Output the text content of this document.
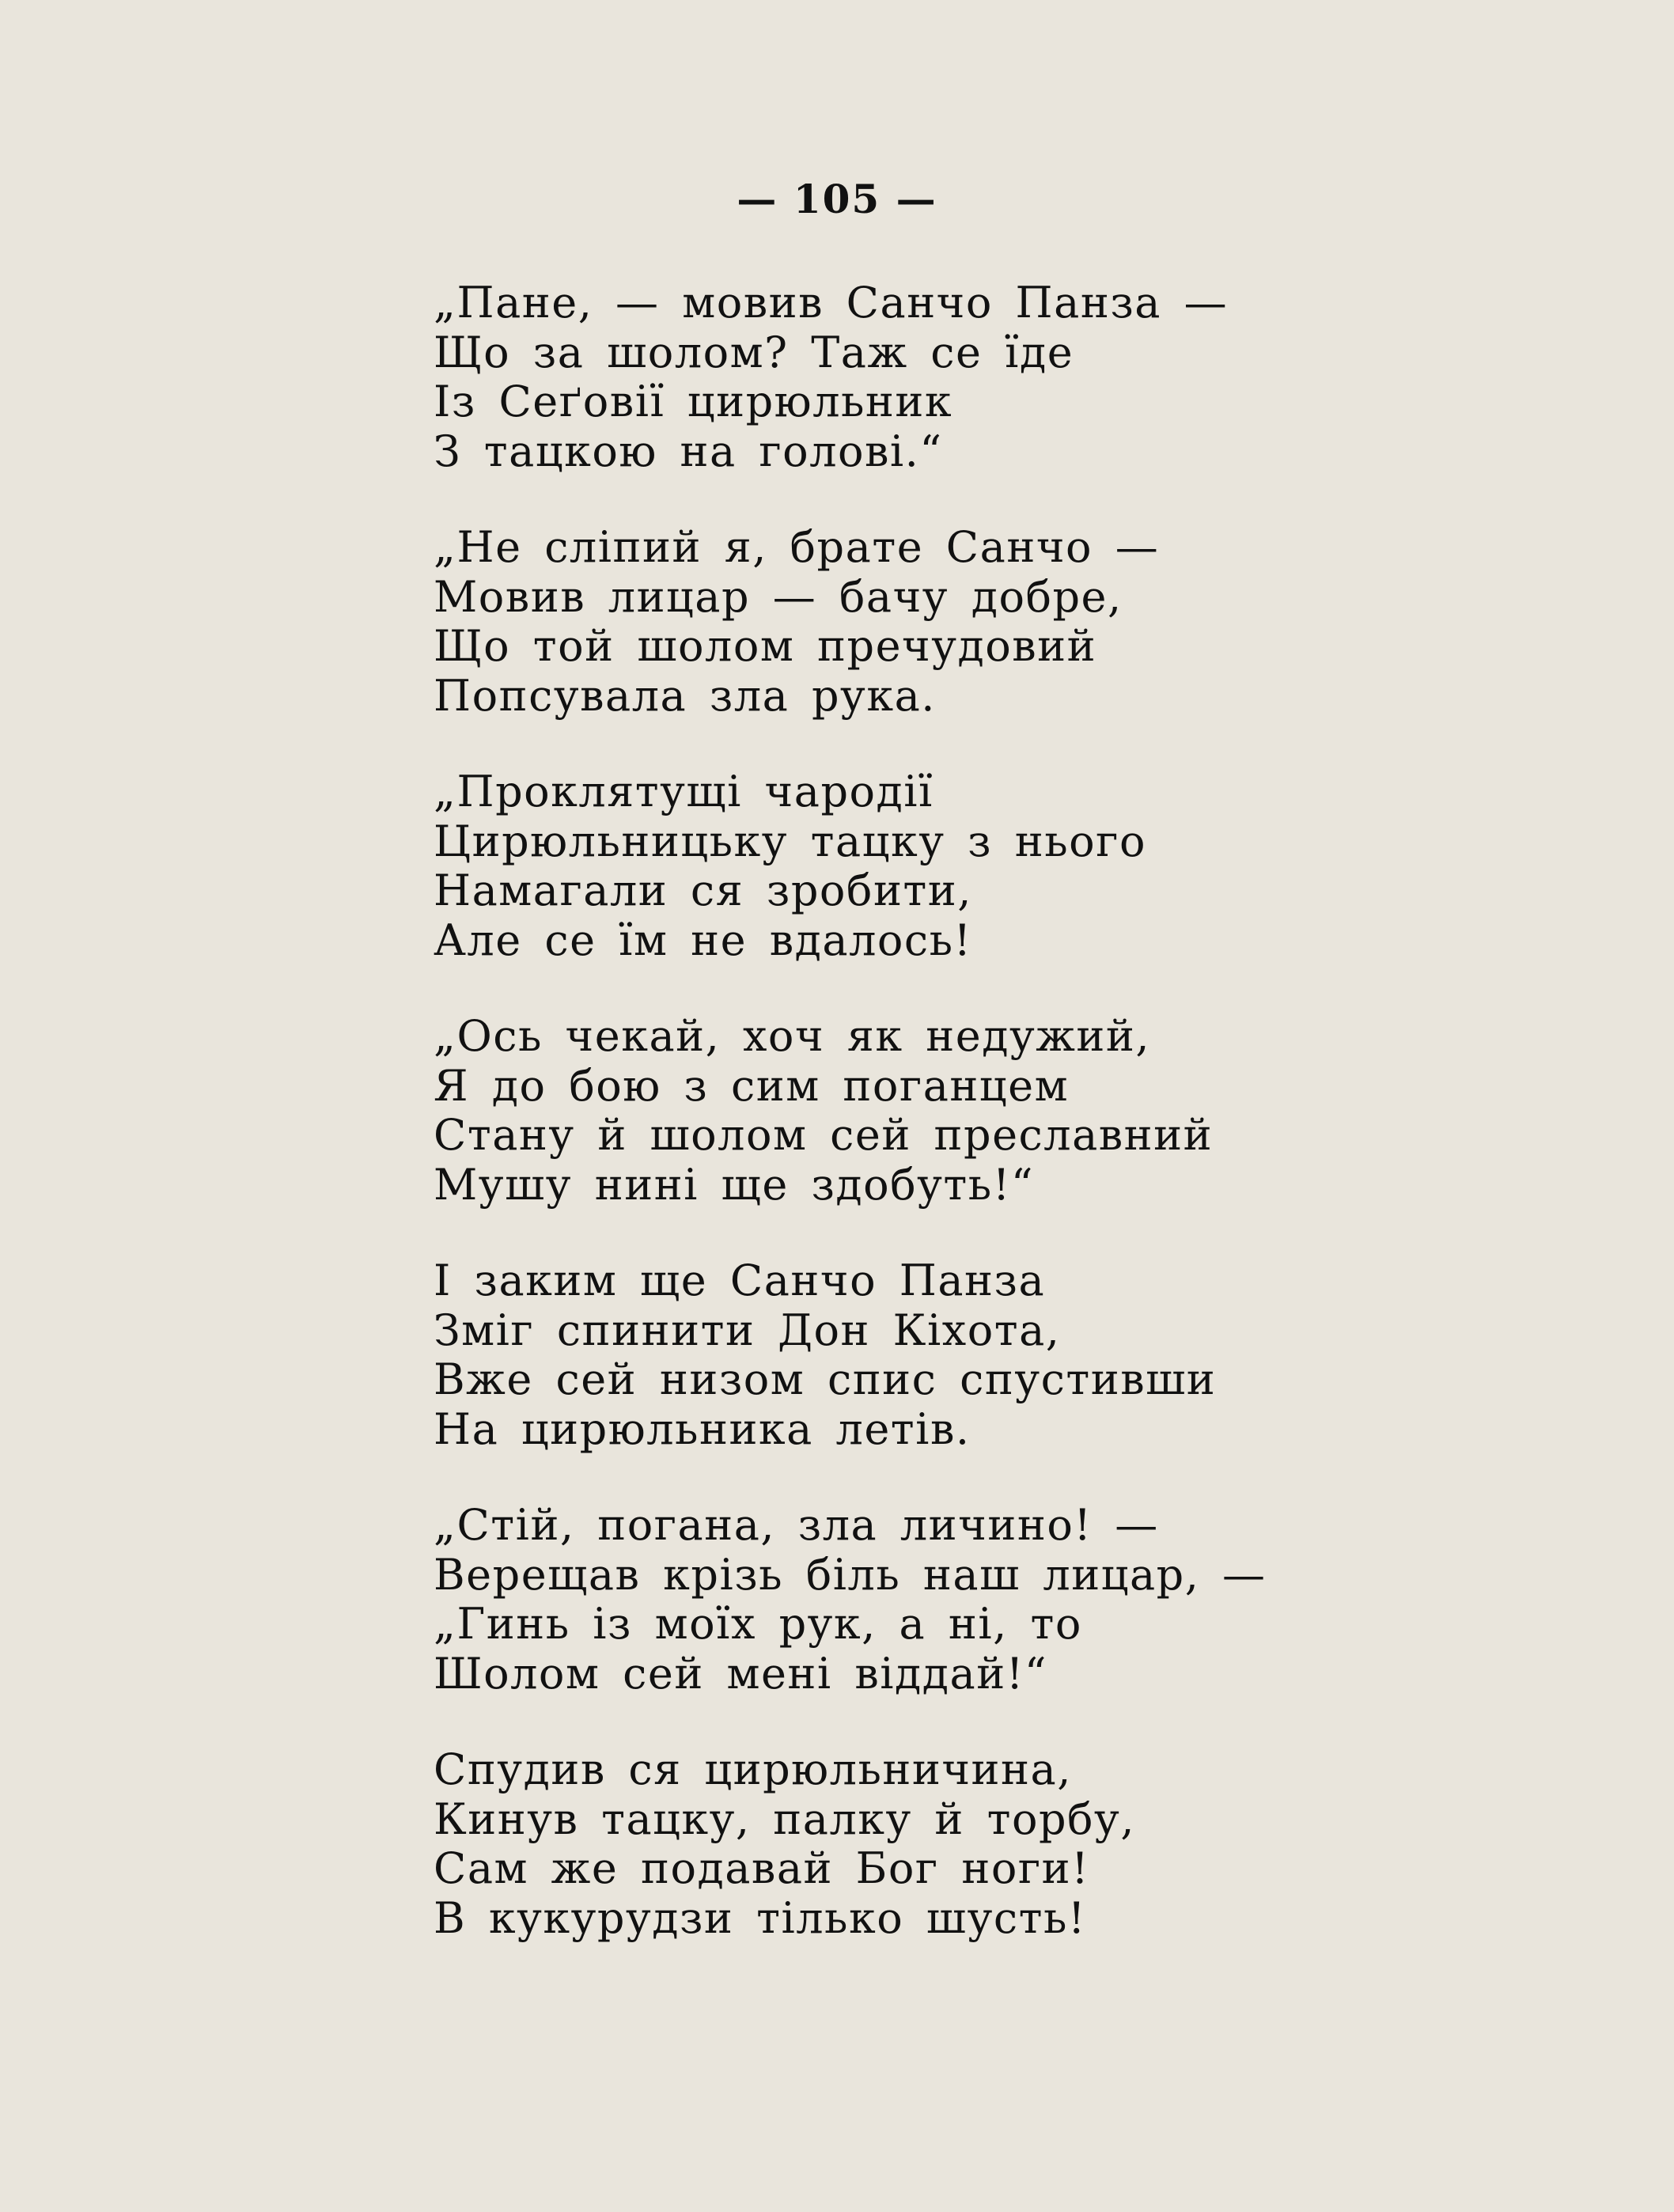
— 105 —
„Пане, — мовив Санчо Панза —
Що за шолом? Таж се їде
Із Сеґовії цирюльник
З тацкою на голові.“
„Не сліпий я, брате Санчо —
Мовив лицар — бачу добре,
Що той шолом пречудовий
Попсувала зла рука.
„Проклятущі чародії
Цирюльницьку тацку з нього
Намагали ся зробити,
Але се їм не вдалось!
„Ось чекай, хоч як недужий,
Я до бою з сим поганцем
Стану й шолом сей преславний
Мушу нині ще здобуть!“
І заким ще Санчо Панза
Зміг спинити Дон Кіхота,
Вже сей низом спис спустивши
На цирюльника летів.
„Стій, погана, зла личино! —
Верещав крізь біль наш лицар, —
„Гинь із моїх рук, а ні, то
Шолом сей мені віддай!“
Спудив ся цирюльничина,
Кинув тацку, палку й торбу,
Сам же подавай Бог ноги!
В кукурудзи тілько шусть!
